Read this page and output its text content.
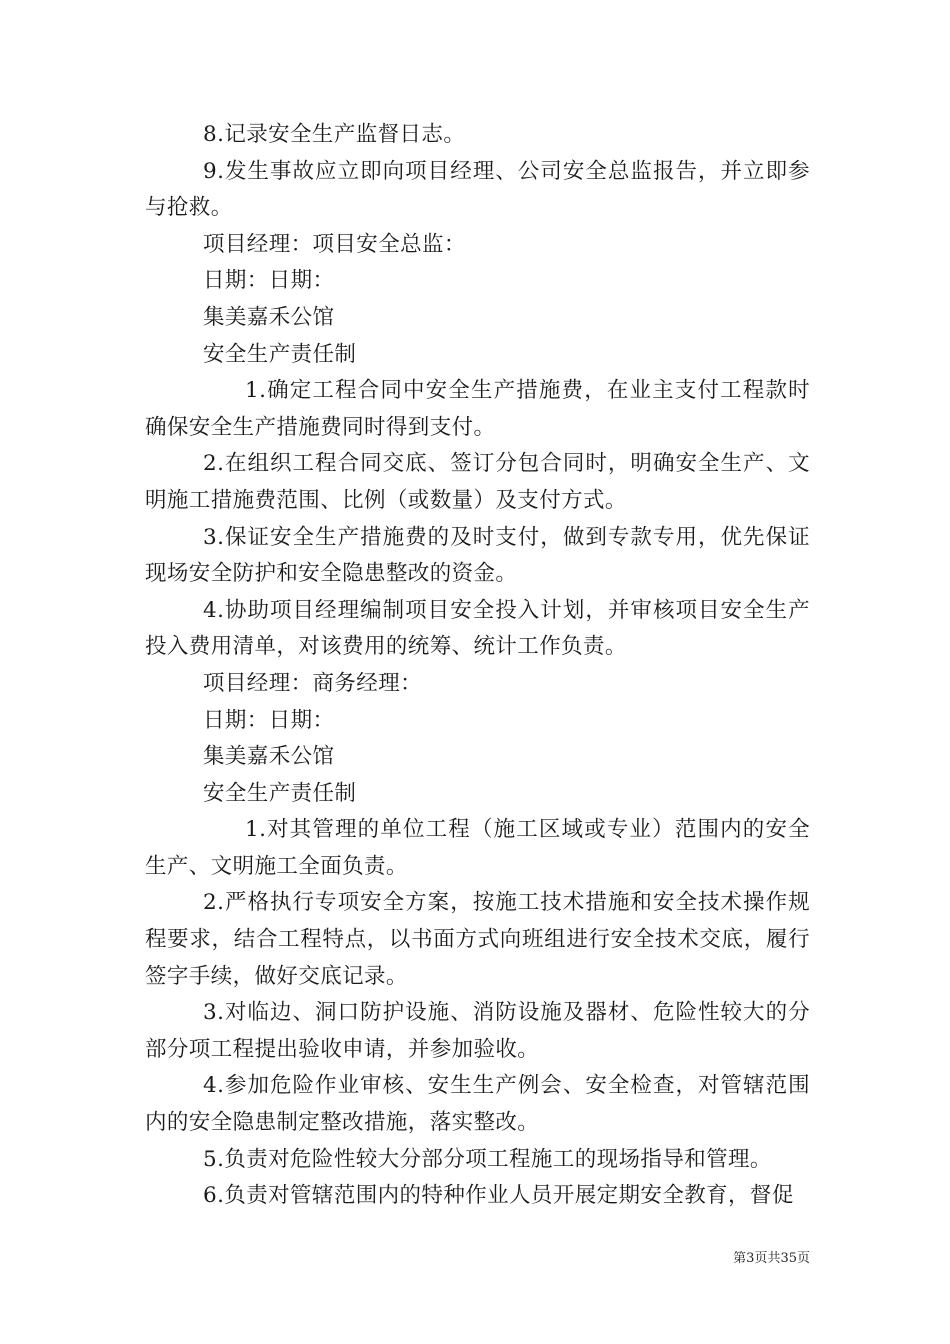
8.记录安全生产监督日志。

9.发生事故应立即向项目经理、公司安全总监报告，并立即参与抢救。

项目经理：项目安全总监：

日期：日期：

集美嘉禾公馆

安全生产责任制

1.确定工程合同中安全生产措施费，在业主支付工程款时确保安全生产措施费同时得到支付。

2.在组织工程合同交底、签订分包合同时，明确安全生产、文明施工措施费范围、比例（或数量）及支付方式。

3.保证安全生产措施费的及时支付，做到专款专用，优先保证现场安全防护和安全隐患整改的资金。

4.协助项目经理编制项目安全投入计划，并审核项目安全生产投入费用清单，对该费用的统筹、统计工作负责。

项目经理：商务经理：

日期：日期：

集美嘉禾公馆

安全生产责任制

1.对其管理的单位工程（施工区域或专业）范围内的安全生产、文明施工全面负责。

2.严格执行专项安全方案，按施工技术措施和安全技术操作规程要求，结合工程特点，以书面方式向班组进行安全技术交底，履行签字手续，做好交底记录。

3.对临边、洞口防护设施、消防设施及器材、危险性较大的分部分项工程提出验收申请，并参加验收。

4.参加危险作业审核、安生生产例会、安全检查，对管辖范围内的安全隐患制定整改措施，落实整改。

5.负责对危险性较大分部分项工程施工的现场指导和管理。

6.负责对管辖范围内的特种作业人员开展定期安全教育，督促

第3页共35页
